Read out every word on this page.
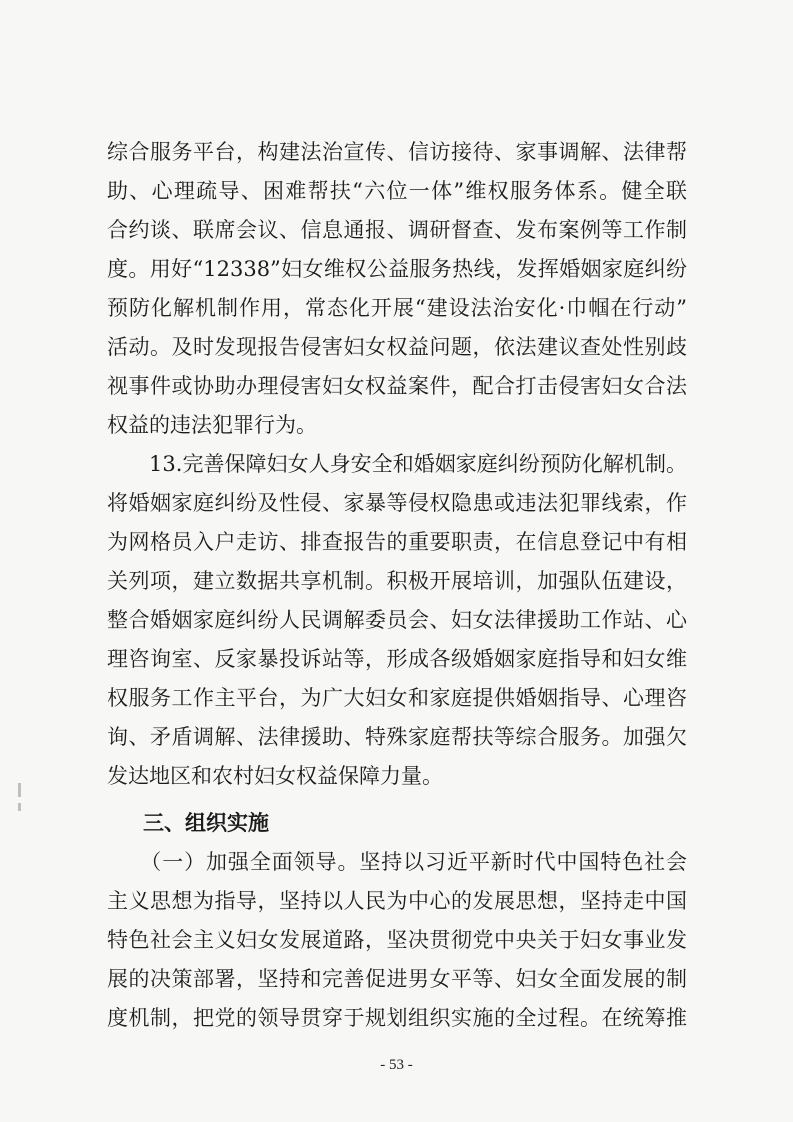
综合服务平台，构建法治宣传、信访接待、家事调解、法律帮
助、心理疏导、困难帮扶“六位一体”维权服务体系。健全联
合约谈、联席会议、信息通报、调研督查、发布案例等工作制
度。用好“12338”妇女维权公益服务热线，发挥婚姻家庭纠纷
预防化解机制作用，常态化开展“建设法治安化·巾帼在行动”
活动。及时发现报告侵害妇女权益问题，依法建议查处性别歧
视事件或协助办理侵害妇女权益案件，配合打击侵害妇女合法
权益的违法犯罪行为。
　　13.完善保障妇女人身安全和婚姻家庭纠纷预防化解机制。
将婚姻家庭纠纷及性侵、家暴等侵权隐患或违法犯罪线索，作
为网格员入户走访、排查报告的重要职责，在信息登记中有相
关列项，建立数据共享机制。积极开展培训，加强队伍建设，
整合婚姻家庭纠纷人民调解委员会、妇女法律援助工作站、心
理咨询室、反家暴投诉站等，形成各级婚姻家庭指导和妇女维
权服务工作主平台，为广大妇女和家庭提供婚姻指导、心理咨
询、矛盾调解、法律援助、特殊家庭帮扶等综合服务。加强欠
发达地区和农村妇女权益保障力量。
三、组织实施
　　（一）加强全面领导。坚持以习近平新时代中国特色社会
主义思想为指导，坚持以人民为中心的发展思想，坚持走中国
特色社会主义妇女发展道路，坚决贯彻党中央关于妇女事业发
展的决策部署，坚持和完善促进男女平等、妇女全面发展的制
度机制，把党的领导贯穿于规划组织实施的全过程。在统筹推
- 53 -
